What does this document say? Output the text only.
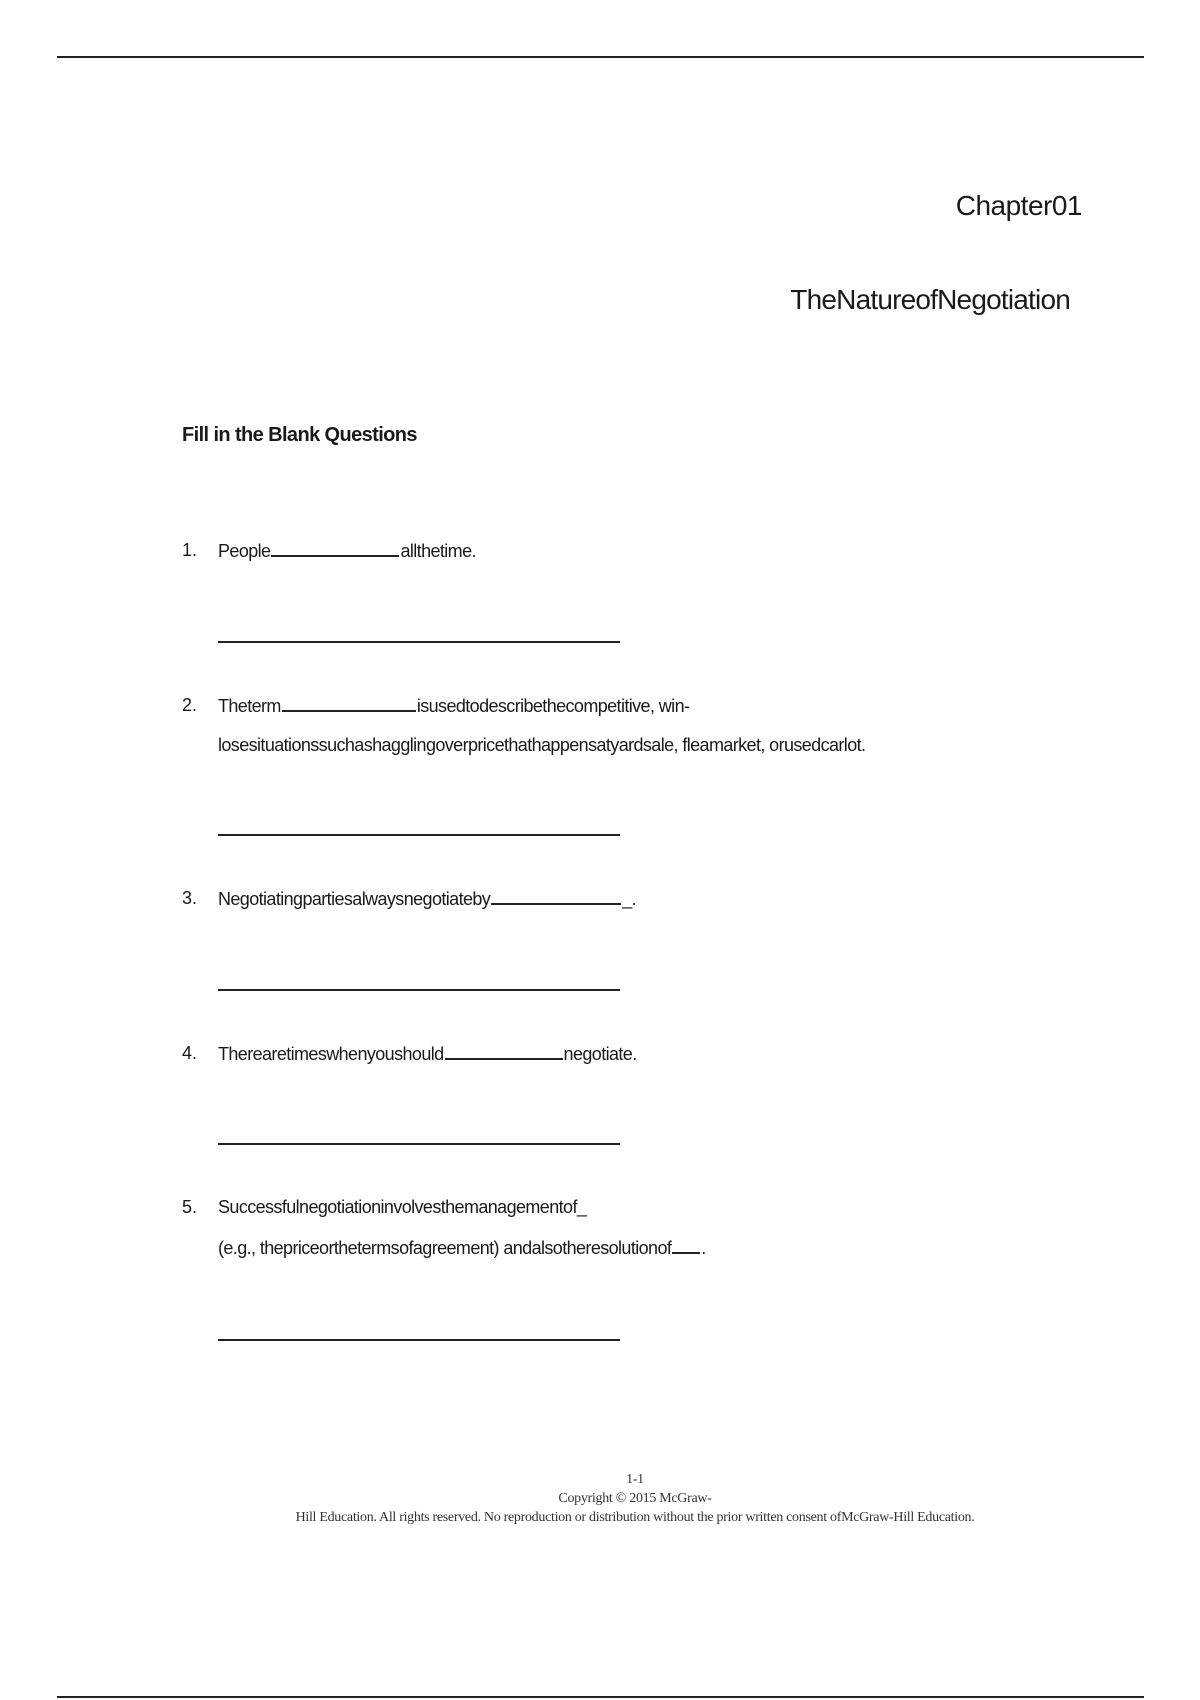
Chapter01
TheNatureofNegotiation
Fill in the Blank Questions
1. People	allthetime.
2. Theterm	isusedtodescribethecompetitive, win-
losesituationssuchashagglingoverpricethathappensatyardsale, fleamarket, orusedcarlot.
3. Negotiatingpartiesalwaysnegotiateby	_.
4. Therearetimeswhenyoushould	negotiate.
5. Successfulnegotiationinvolvesthemanagementof_
(e.g., thepriceorthetermsofagreement) andalsotheresolutionof .
1-1
Copyright © 2015 McGraw-
Hill Education. All rights reserved. No reproduction or distribution without the prior written consent ofMcGraw-Hill Education.
